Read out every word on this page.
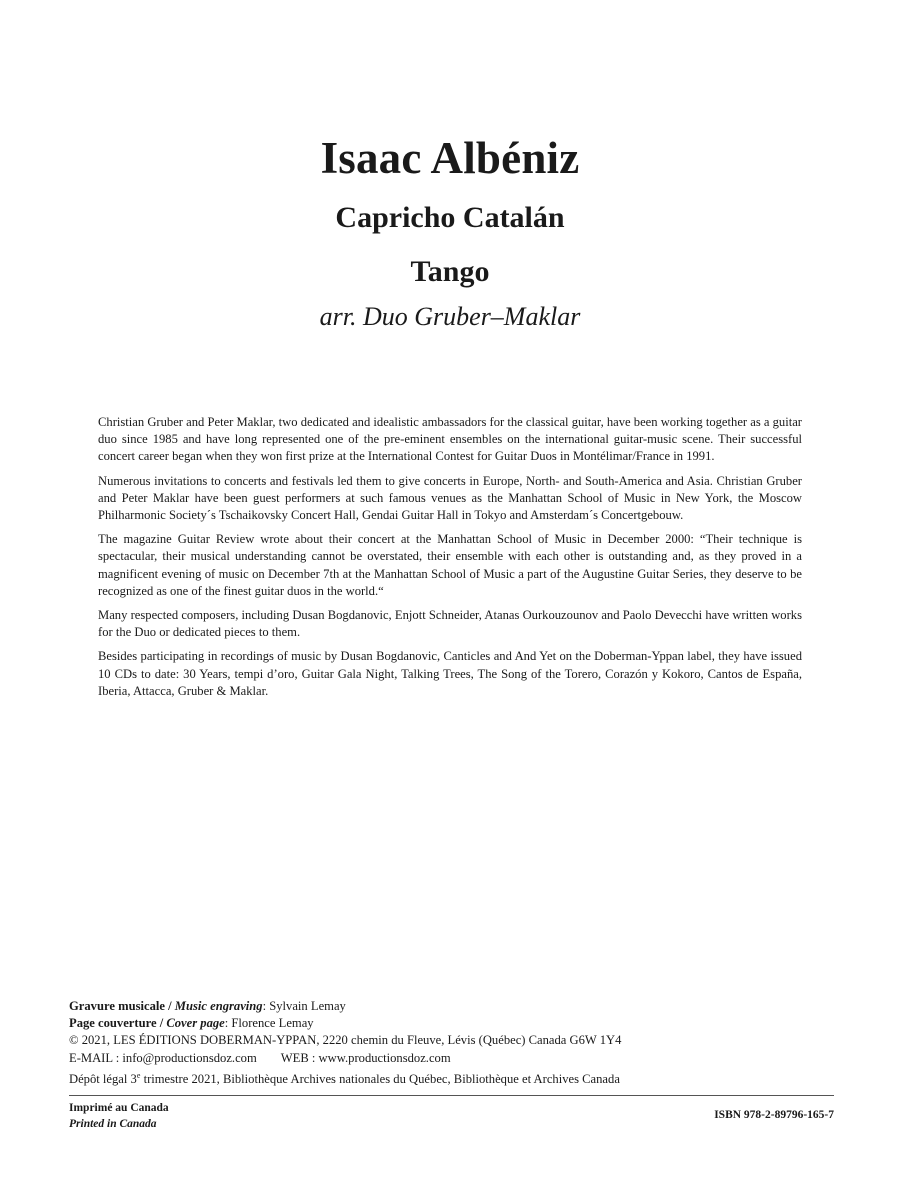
Isaac Albéniz
Capricho Catalán
Tango
arr. Duo Gruber–Maklar

Christian Gruber and Peter Maklar, two dedicated and idealistic ambassadors for the classical guitar, have been working together as a guitar duo since 1985 and have long represented one of the pre-eminent ensembles on the international guitar-music scene. Their successful concert career began when they won first prize at the International Contest for Guitar Duos in Montélimar/France in 1991.

Numerous invitations to concerts and festivals led them to give concerts in Europe, North- and South-America and Asia. Christian Gruber and Peter Maklar have been guest performers at such famous venues as the Manhattan School of Music in New York, the Moscow Philharmonic Society´s Tschaikovsky Concert Hall, Gendai Guitar Hall in Tokyo and Amsterdam´s Concertgebouw.

The magazine Guitar Review wrote about their concert at the Manhattan School of Music in December 2000: “Their technique is spectacular, their musical understanding cannot be overstated, their ensemble with each other is outstanding and, as they proved in a magnificent evening of music on December 7th at the Manhattan School of Music a part of the Augustine Guitar Series, they deserve to be recognized as one of the finest guitar duos in the world.“

Many respected composers, including Dusan Bogdanovic, Enjott Schneider, Atanas Ourkouzounov and Paolo Devecchi have written works for the Duo or dedicated pieces to them.

Besides participating in recordings of music by Dusan Bogdanovic, Canticles and And Yet on the Doberman-Yppan label, they have issued 10 CDs to date: 30 Years, tempi d’oro, Guitar Gala Night, Talking Trees, The Song of the Torero, Corazón y Kokoro, Cantos de España, Iberia, Attacca, Gruber & Maklar.

Gravure musicale / Music engraving: Sylvain Lemay
Page couverture / Cover page: Florence Lemay
© 2021, LES ÉDITIONS DOBERMAN-YPPAN, 2220 chemin du Fleuve, Lévis (Québec) Canada G6W 1Y4
E-MAIL : info@productionsdoz.com WEB : www.productionsdoz.com
Dépôt légal 3e trimestre 2021, Bibliothèque Archives nationales du Québec, Bibliothèque et Archives Canada
Imprimé au Canada
Printed in Canada
ISBN 978-2-89796-165-7
